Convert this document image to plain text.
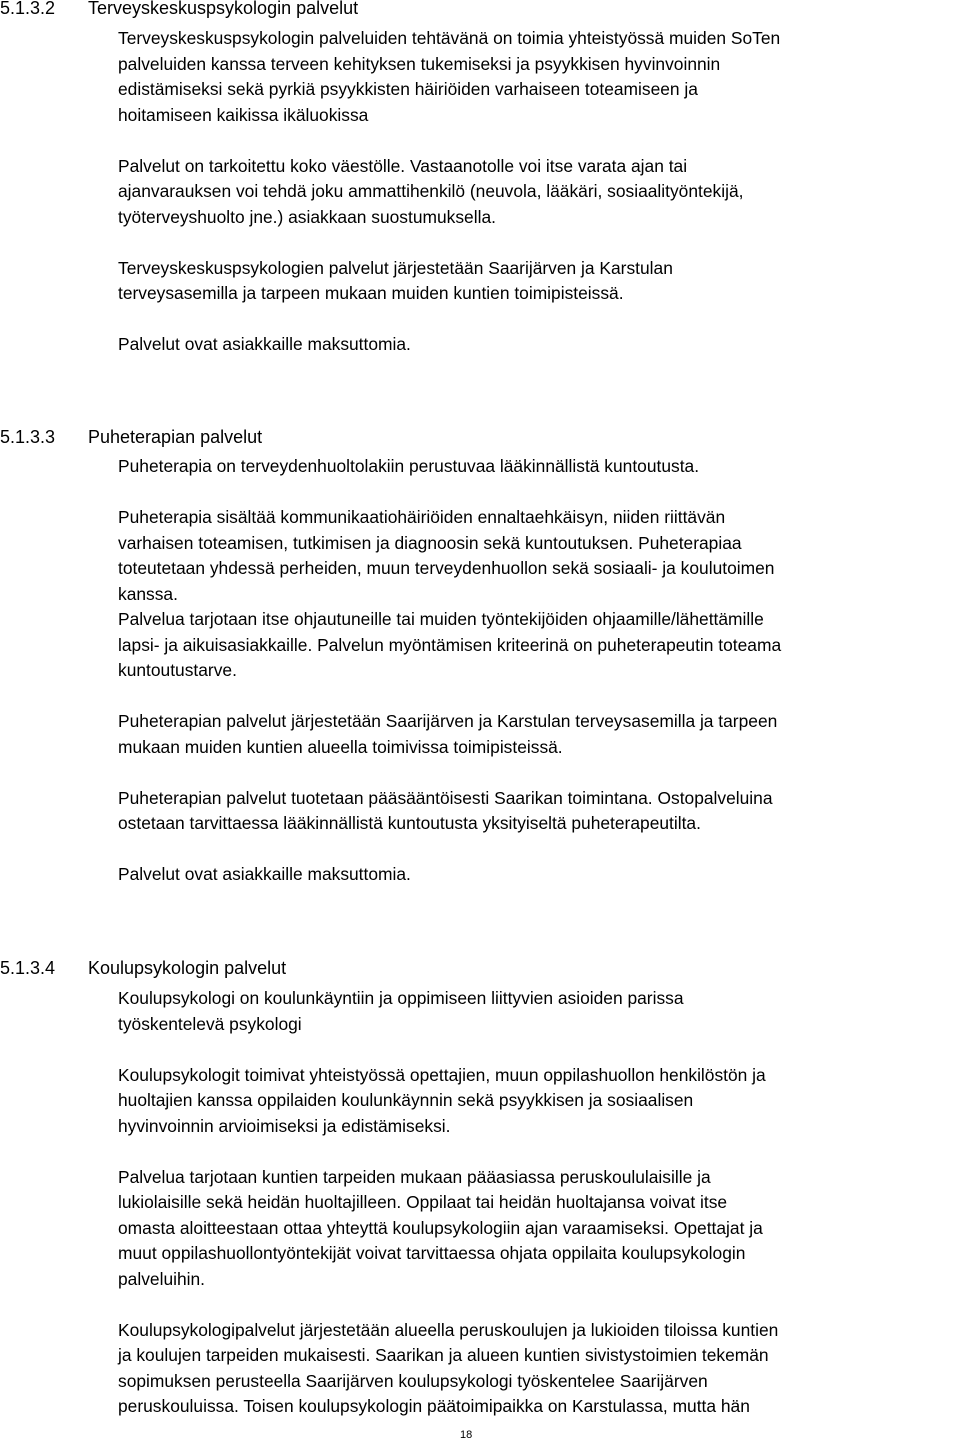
5.1.3.2 Terveyskeskuspsykologin palvelut

Terveyskeskuspsykologin palveluiden tehtävänä on toimia yhteistyössä muiden SoTen
palveluiden kanssa terveen kehityksen tukemiseksi ja psyykkisen hyvinvoinnin
edistämiseksi sekä pyrkiä psyykkisten häiriöiden varhaiseen toteamiseen ja
hoitamiseen kaikissa ikäluokissa

Palvelut on tarkoitettu koko väestölle. Vastaanotolle voi itse varata ajan tai
ajanvarauksen voi tehdä joku ammattihenkilö (neuvola, lääkäri, sosiaalityöntekijä,
työterveyshuolto jne.) asiakkaan suostumuksella.

Terveyskeskuspsykologien palvelut järjestetään Saarijärven ja Karstulan
terveysasemilla ja tarpeen mukaan muiden kuntien toimipisteissä.

Palvelut ovat asiakkaille maksuttomia.

5.1.3.3 Puheterapian palvelut

Puheterapia on terveydenhuoltolakiin perustuvaa lääkinnällistä kuntoutusta.

Puheterapia sisältää kommunikaatiohäiriöiden ennaltaehkäisyn, niiden riittävän
varhaisen toteamisen, tutkimisen ja diagnoosin sekä kuntoutuksen. Puheterapiaa
toteutetaan yhdessä perheiden, muun terveydenhuollon sekä sosiaali- ja koulutoimen
kanssa.
Palvelua tarjotaan itse ohjautuneille tai muiden työntekijöiden ohjaamille/lähettämille
lapsi- ja aikuisasiakkaille. Palvelun myöntämisen kriteerinä on puheterapeutin toteama
kuntoutustarve.

Puheterapian palvelut järjestetään Saarijärven ja Karstulan terveysasemilla ja tarpeen
mukaan muiden kuntien alueella toimivissa toimipisteissä.

Puheterapian palvelut tuotetaan pääsääntöisesti Saarikan toimintana. Ostopalveluina
ostetaan tarvittaessa lääkinnällistä kuntoutusta yksityiseltä puheterapeutilta.

Palvelut ovat asiakkaille maksuttomia.

5.1.3.4 Koulupsykologin palvelut

Koulupsykologi on koulunkäyntiin ja oppimiseen liittyvien asioiden parissa
työskentelevä psykologi

Koulupsykologit toimivat yhteistyössä opettajien, muun oppilashuollon henkilöstön ja
huoltajien kanssa oppilaiden koulunkäynnin sekä psyykkisen ja sosiaalisen
hyvinvoinnin arvioimiseksi ja edistämiseksi.

Palvelua tarjotaan kuntien tarpeiden mukaan pääasiassa peruskoululaisille ja
lukiolaisille sekä heidän huoltajilleen. Oppilaat tai heidän huoltajansa voivat itse
omasta aloitteestaan ottaa yhteyttä koulupsykologiin ajan varaamiseksi. Opettajat ja
muut oppilashuollontyöntekijät voivat tarvittaessa ohjata oppilaita koulupsykologin
palveluihin.

Koulupsykologipalvelut järjestetään alueella peruskoulujen ja lukioiden tiloissa kuntien
ja koulujen tarpeiden mukaisesti. Saarikan ja alueen kuntien sivistystoimien tekemän
sopimuksen perusteella Saarijärven koulupsykologi työskentelee Saarijärven
peruskouluissa. Toisen koulupsykologin päätoimipaikka on Karstulassa, mutta hän

18
